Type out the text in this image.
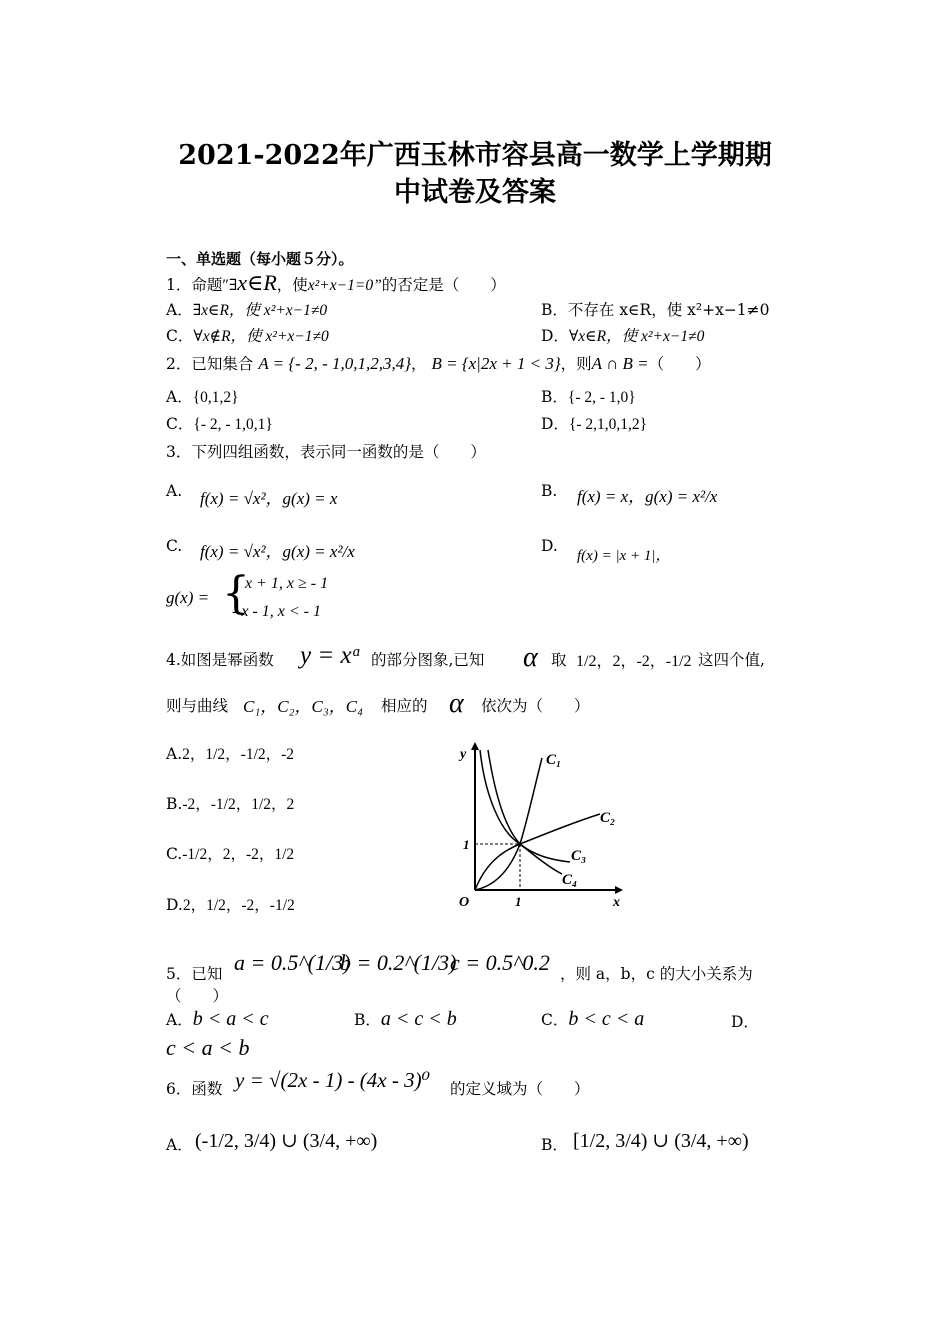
2021-2022年广西玉林市容县高一数学上学期期
中试卷及答案
一、单选题（每小题５分）。
1．命题″∃x∈R，使x²+x−1=0”的否定是（　　）
A．∃x∈R，使 x²+x−1≠0	B．不存在 x∈R，使 x²+x−1≠0
C．∀x∉R，使 x²+x−1≠0	D．∀x∈R，使 x²+x−1≠0
2．已知集合 A = {- 2, - 1,0,1,2,3,4}， B = {x|2x + 1 < 3}，则A ∩ B =（　　）
A．{0,1,2}	B．{- 2, - 1,0}
C．{- 2, - 1,0,1}	D．{- 2,1,0,1,2}
3．下列四组函数，表示同一函数的是（　　）
A. f(x) = √x²，g(x) = x	B. f(x) = x，g(x) = x²/x
C. f(x) = √x²，g(x) = x²/x	D.
f(x) = |x + 1|，
g(x) = {
x + 1, x ≥ - 1
- x - 1, x < - 1
4.如图是幂函数 y = xᵅ 的部分图象,已知 α 取 1/2，2，-2，-1/2 这四个值,
则与曲线 C₁，C₂，C₃，C₄ 相应的 α 依次为（　　）
A.2，1/2，-1/2，-2
B.-2，-1/2，1/2，2
C.-1/2，2，-2，1/2
D.2，1/2，-2，-1/2
y
x
O	1
1
C₁
C₂
C₃
C₄
5．已知 a = 0.5^(1/3)
b = 0.2^(1/3)
c = 0.5^0.2 ，则 a，b，c 的大小关系为
（　　）
A．b < a < c	B．a < c < b	C．b < c < a	D．
c < a < b
6．函数 y = √(2x - 1) - (4x - 3)⁰ 的定义域为（　　）
A． (-1/2, 3/4) ∪ (3/4, +∞)	B． [1/2, 3/4) ∪ (3/4, +∞)
